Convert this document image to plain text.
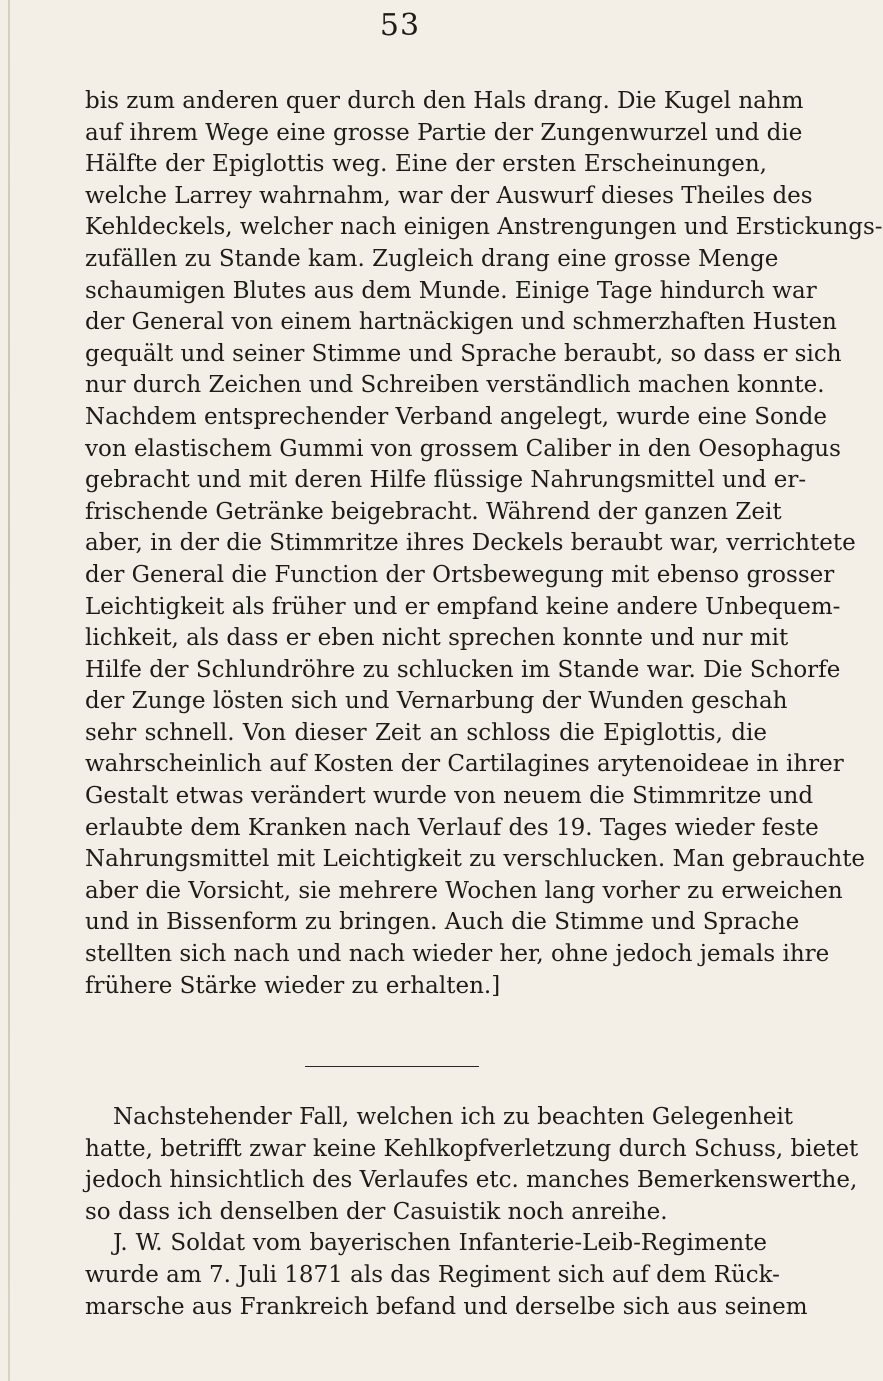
53
bis zum anderen quer durch den Hals drang. Die Kugel nahm
auf ihrem Wege eine grosse Partie der Zungenwurzel und die
Hälfte der Epiglottis weg. Eine der ersten Erscheinungen,
welche Larrey wahrnahm, war der Auswurf dieses Theiles des
Kehldeckels, welcher nach einigen Anstrengungen und Erstickungs-
zufällen zu Stande kam. Zugleich drang eine grosse Menge
schaumigen Blutes aus dem Munde. Einige Tage hindurch war
der General von einem hartnäckigen und schmerzhaften Husten
gequält und seiner Stimme und Sprache beraubt, so dass er sich
nur durch Zeichen und Schreiben verständlich machen konnte.
Nachdem entsprechender Verband angelegt, wurde eine Sonde
von elastischem Gummi von grossem Caliber in den Oesophagus
gebracht und mit deren Hilfe flüssige Nahrungsmittel und er-
frischende Getränke beigebracht. Während der ganzen Zeit
aber, in der die Stimmritze ihres Deckels beraubt war, verrichtete
der General die Function der Ortsbewegung mit ebenso grosser
Leichtigkeit als früher und er empfand keine andere Unbequem-
lichkeit, als dass er eben nicht sprechen konnte und nur mit
Hilfe der Schlundröhre zu schlucken im Stande war. Die Schorfe
der Zunge lösten sich und Vernarbung der Wunden geschah
sehr schnell. Von dieser Zeit an schloss die Epiglottis, die
wahrscheinlich auf Kosten der Cartilagines arytenoideae in ihrer
Gestalt etwas verändert wurde von neuem die Stimmritze und
erlaubte dem Kranken nach Verlauf des 19. Tages wieder feste
Nahrungsmittel mit Leichtigkeit zu verschlucken. Man gebrauchte
aber die Vorsicht, sie mehrere Wochen lang vorher zu erweichen
und in Bissenform zu bringen. Auch die Stimme und Sprache
stellten sich nach und nach wieder her, ohne jedoch jemals ihre
frühere Stärke wieder zu erhalten.]
Nachstehender Fall, welchen ich zu beachten Gelegenheit
hatte, betrifft zwar keine Kehlkopfverletzung durch Schuss, bietet
jedoch hinsichtlich des Verlaufes etc. manches Bemerkenswerthe,
so dass ich denselben der Casuistik noch anreihe.
J. W. Soldat vom bayerischen Infanterie-Leib-Regimente
wurde am 7. Juli 1871 als das Regiment sich auf dem Rück-
marsche aus Frankreich befand und derselbe sich aus seinem
